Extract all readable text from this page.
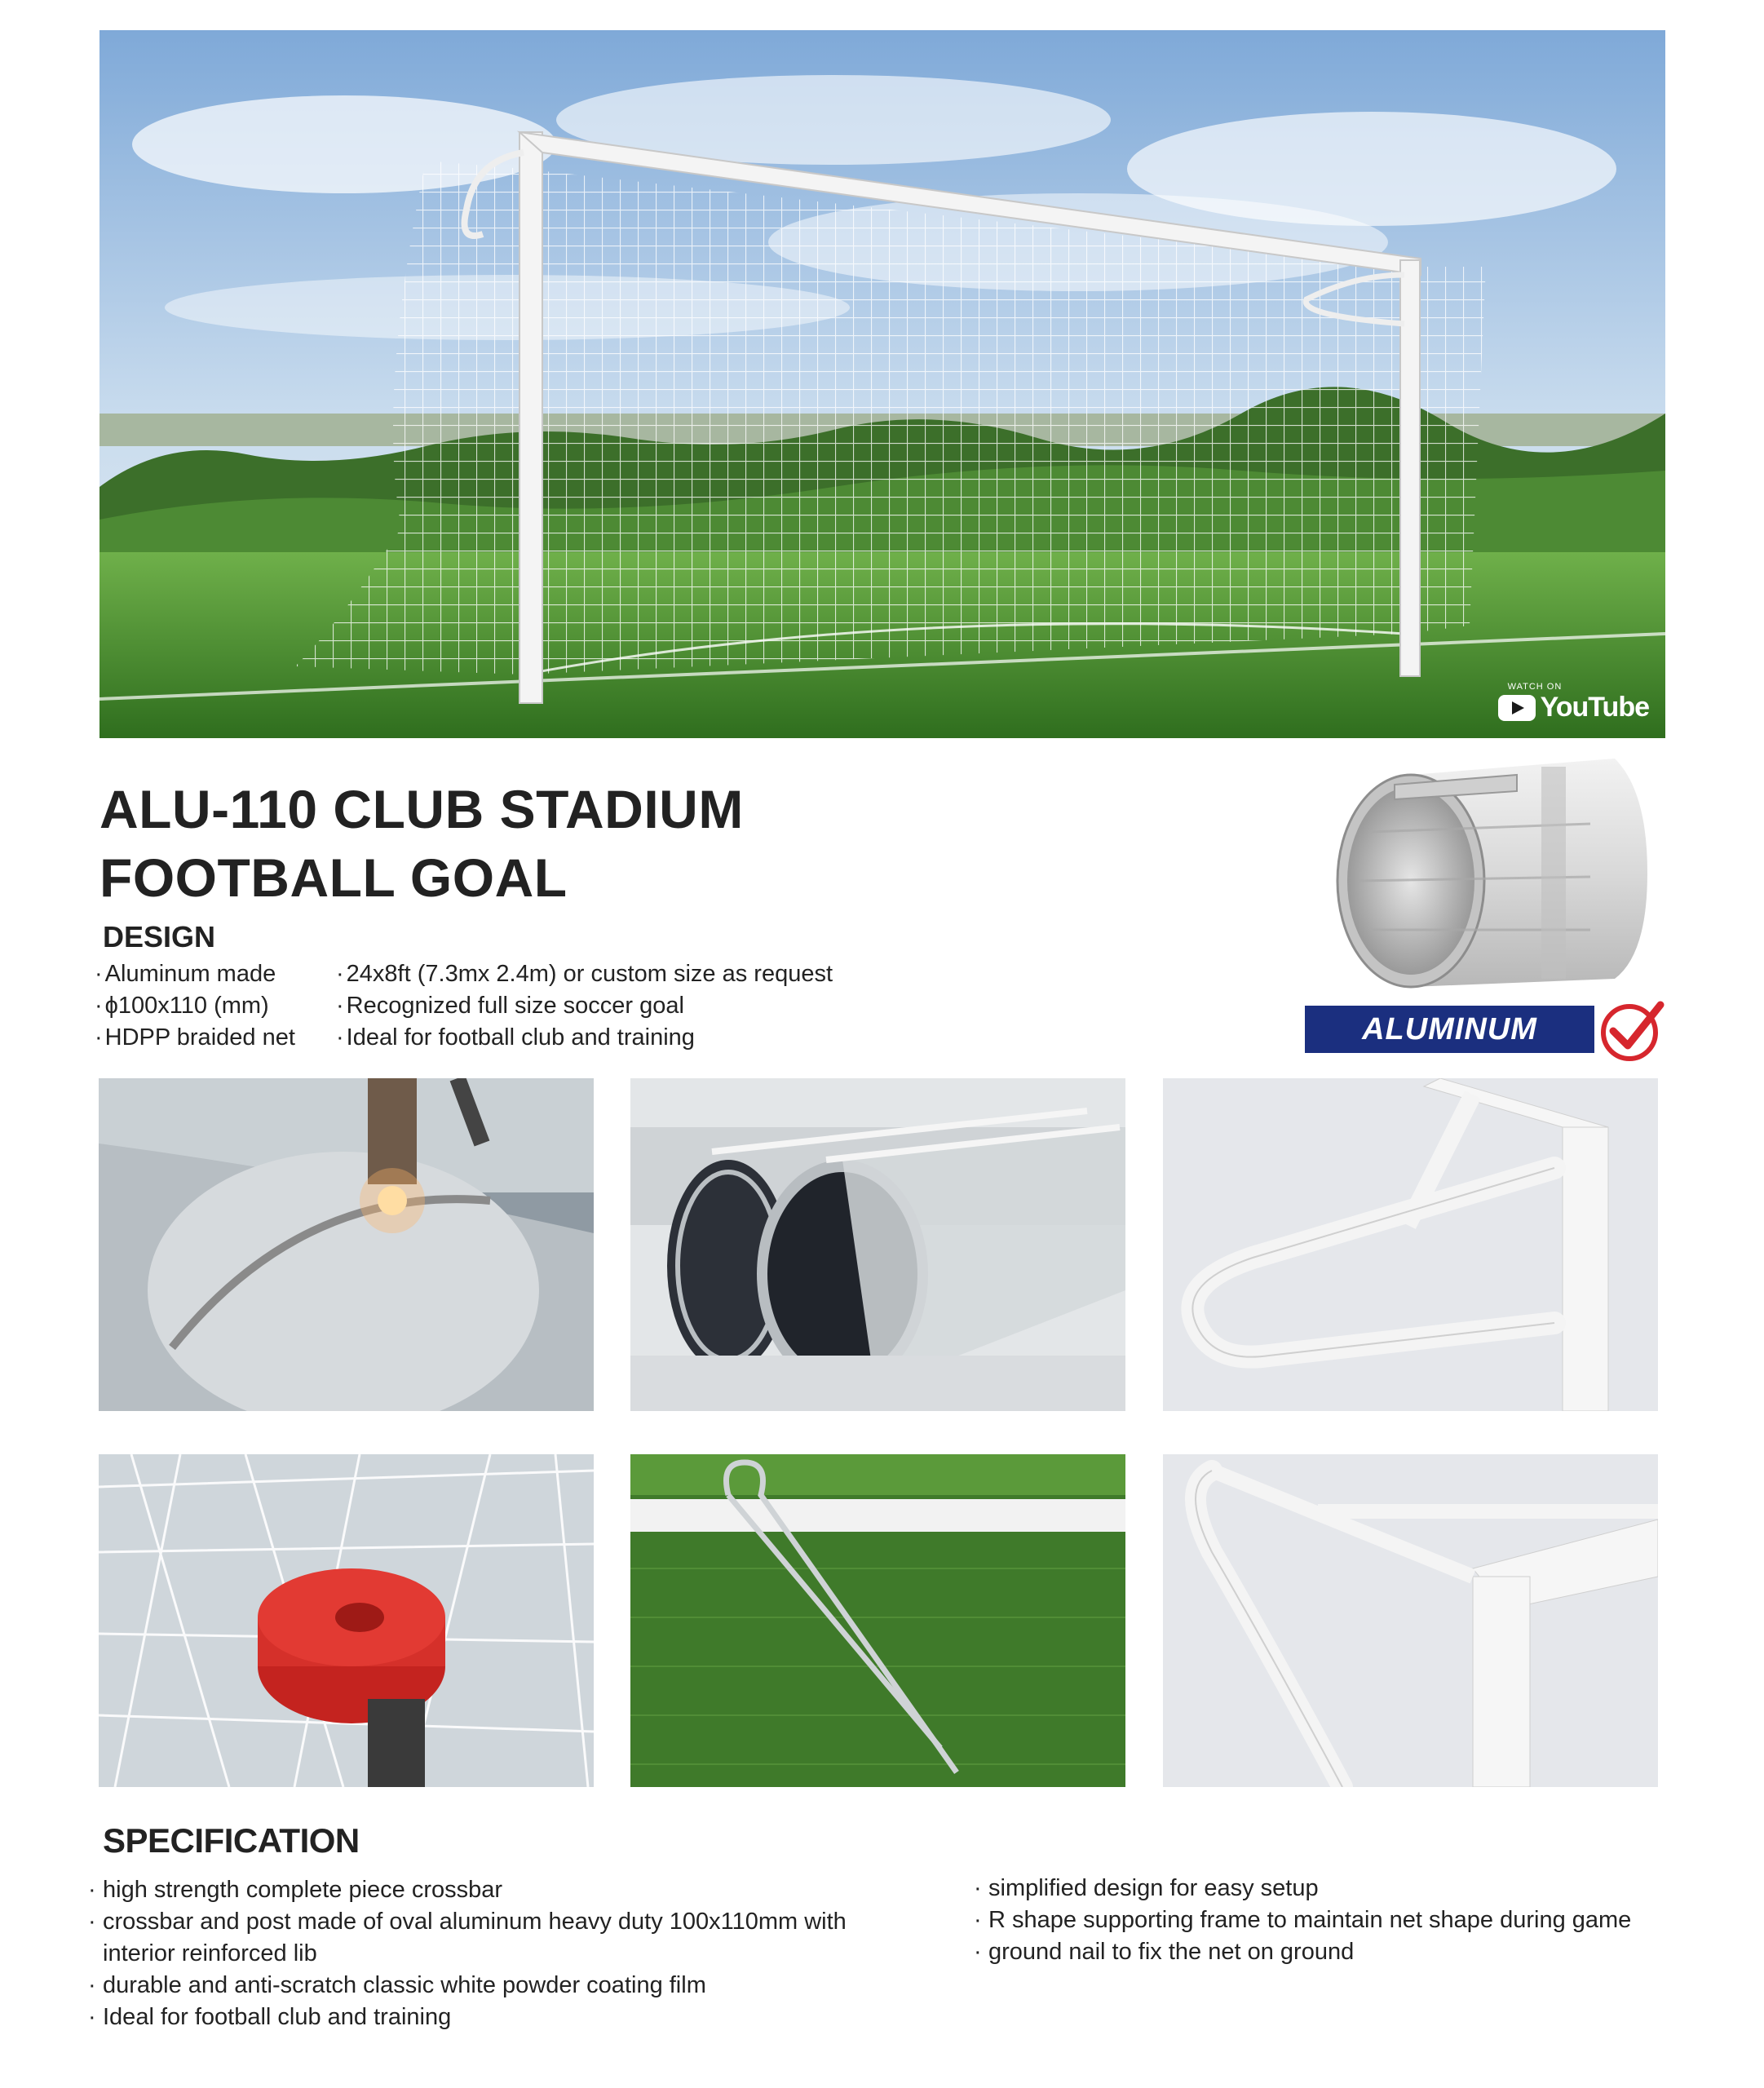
WATCH ON
YouTube
ALU-110 CLUB STADIUM
FOOTBALL GOAL
DESIGN
· Aluminum made
· ϕ100x110 (mm)
· HDPP braided net
· 24x8ft (7.3mx 2.4m) or custom size as request
· Recognized full size soccer goal
· Ideal for football club and training	ALUMINUM
SPECIFICATION
· high strength complete piece crossbar
· crossbar and post made of oval aluminum heavy duty 100x110mm with interior reinforced lib
· durable and anti-scratch classic white powder coating film
· Ideal for football club and training
· simplified design for easy setup
· R shape supporting frame to maintain net shape during game
· ground nail to fix the net on ground
